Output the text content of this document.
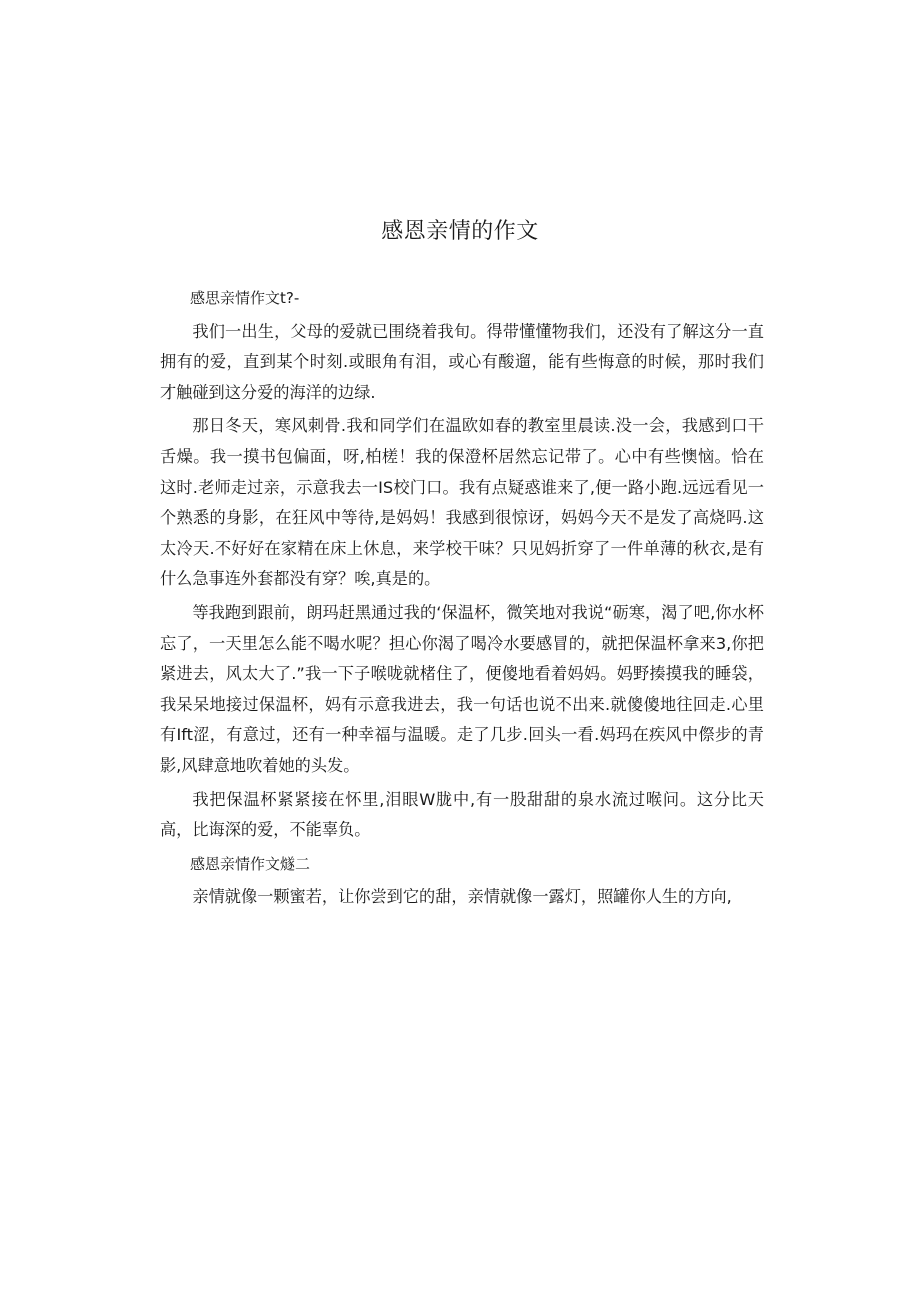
感恩亲情的作文

感思亲情作文t?-

我们一出生，父母的爱就已围绕着我旬。得带懂懂物我们，还没有了解这分一直拥有的爱，直到某个时刻.或眼角有泪，或心有酸遛，能有些悔意的时候，那时我们才触碰到这分爱的海洋的边绿.

那日冬天，寒风刺骨.我和同学们在温欧如春的教室里晨读.没一会，我感到口干舌燥。我一摸书包偏面，呀,柏槎！我的保澄杯居然忘记带了。心中有些懊恼。恰在这时.老师走过亲，示意我去一IS校门口。我有点疑惑谁来了,便一路小跑.远远看见一个熟悉的身影，在狂风中等待,是妈妈！我感到很惊讶，妈妈今天不是发了高烧吗.这太冷天.不好好在家精在床上休息，来学校干味？只见妈折穿了一件单薄的秋衣,是有什么急事连外套都没有穿？唉,真是的。

等我跑到跟前，朗玛赶黑通过我的‘保温杯，微笑地对我说“砺寒，渴了吧,你水杯忘了，一天里怎么能不喝水呢？担心你渴了喝冷水要感冒的，就把保温杯拿来3,你把紧进去，风太大了.”我一下子喉咙就楮住了，便傻地看着妈妈。妈野揍摸我的睡袋，我呆呆地接过保温杯，妈有示意我进去，我一句话也说不出来.就傻傻地往回走.心里有Ift涩，有意过，还有一种幸福与温暖。走了几步.回头一看.妈玛在疾风中傺步的青影,风肆意地吹着她的头发。

我把保温杯紧紧接在怀里,泪眼W胧中,有一股甜甜的泉水流过喉问。这分比天高，比诲深的爱，不能辜负。

感恩亲情作文燧二

亲情就像一颗蜜若，让你尝到它的甜，亲情就像一露灯，照罐你人生的方向,
